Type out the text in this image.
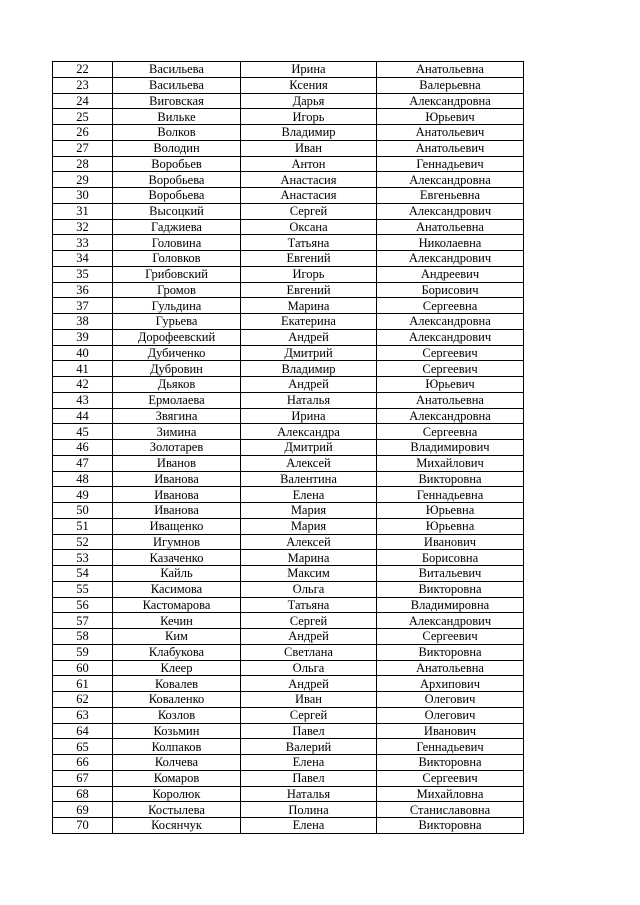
22	Васильева	Ирина	Анатольевна
23	Васильева	Ксения	Валерьевна
24	Виговская	Дарья	Александровна
25	Вильке	Игорь	Юрьевич
26	Волков	Владимир	Анатольевич
27	Володин	Иван	Анатольевич
28	Воробьев	Антон	Геннадьевич
29	Воробьева	Анастасия	Александровна
30	Воробьева	Анастасия	Евгеньевна
31	Высоцкий	Сергей	Александрович
32	Гаджиева	Оксана	Анатольевна
33	Головина	Татьяна	Николаевна
34	Головков	Евгений	Александрович
35	Грибовский	Игорь	Андреевич
36	Громов	Евгений	Борисович
37	Гульдина	Марина	Сергеевна
38	Гурьева	Екатерина	Александровна
39	Дорофеевский	Андрей	Александрович
40	Дубиченко	Дмитрий	Сергеевич
41	Дубровин	Владимир	Сергеевич
42	Дьяков	Андрей	Юрьевич
43	Ермолаева	Наталья	Анатольевна
44	Звягина	Ирина	Александровна
45	Зимина	Александра	Сергеевна
46	Золотарев	Дмитрий	Владимирович
47	Иванов	Алексей	Михайлович
48	Иванова	Валентина	Викторовна
49	Иванова	Елена	Геннадьевна
50	Иванова	Мария	Юрьевна
51	Иващенко	Мария	Юрьевна
52	Игумнов	Алексей	Иванович
53	Казаченко	Марина	Борисовна
54	Кайль	Максим	Витальевич
55	Касимова	Ольга	Викторовна
56	Кастомарова	Татьяна	Владимировна
57	Кечин	Сергей	Александрович
58	Ким	Андрей	Сергеевич
59	Клабукова	Светлана	Викторовна
60	Клеер	Ольга	Анатольевна
61	Ковалев	Андрей	Архипович
62	Коваленко	Иван	Олегович
63	Козлов	Сергей	Олегович
64	Козьмин	Павел	Иванович
65	Колпаков	Валерий	Геннадьевич
66	Колчева	Елена	Викторовна
67	Комаров	Павел	Сергеевич
68	Королюк	Наталья	Михайловна
69	Костылева	Полина	Станиславовна
70	Косянчук	Елена	Викторовна
